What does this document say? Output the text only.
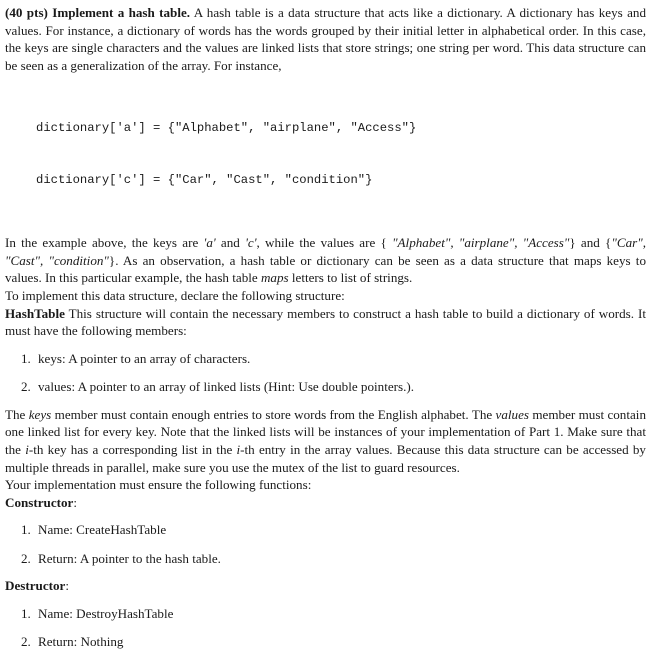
(40 pts) Implement a hash table. A hash table is a data structure that acts like a dictionary. A dictionary has keys and values. For instance, a dictionary of words has the words grouped by their initial letter in alphabetical order. In this case, the keys are single characters and the values are linked lists that store strings; one string per word. This data structure can be seen as a generalization of the array. For instance,

dictionary['a'] = {"Alphabet", "airplane", "Access"}

dictionary['c'] = {"Car", "Cast", "condition"}

In the example above, the keys are 'a' and 'c', while the values are { "Alphabet", "airplane", "Access"} and {"Car", "Cast", "condition"}. As an observation, a hash table or dictionary can be seen as a data structure that maps keys to values. In this particular example, the hash table maps letters to list of strings.

To implement this data structure, declare the following structure:

HashTable This structure will contain the necessary members to construct a hash table to build a dictionary of words. It must have the following members:

1. keys: A pointer to an array of characters.
2. values: A pointer to an array of linked lists (Hint: Use double pointers.).

The keys member must contain enough entries to store words from the English alphabet. The values member must contain one linked list for every key. Note that the linked lists will be instances of your implementation of Part 1. Make sure that the i-th key has a corresponding list in the i-th entry in the array values. Because this data structure can be accessed by multiple threads in parallel, make sure you use the mutex of the list to guard resources.

Your implementation must ensure the following functions:

Constructor:

1. Name: CreateHashTable
2. Return: A pointer to the hash table.

Destructor:

1. Name: DestroyHashTable
2. Return: Nothing
